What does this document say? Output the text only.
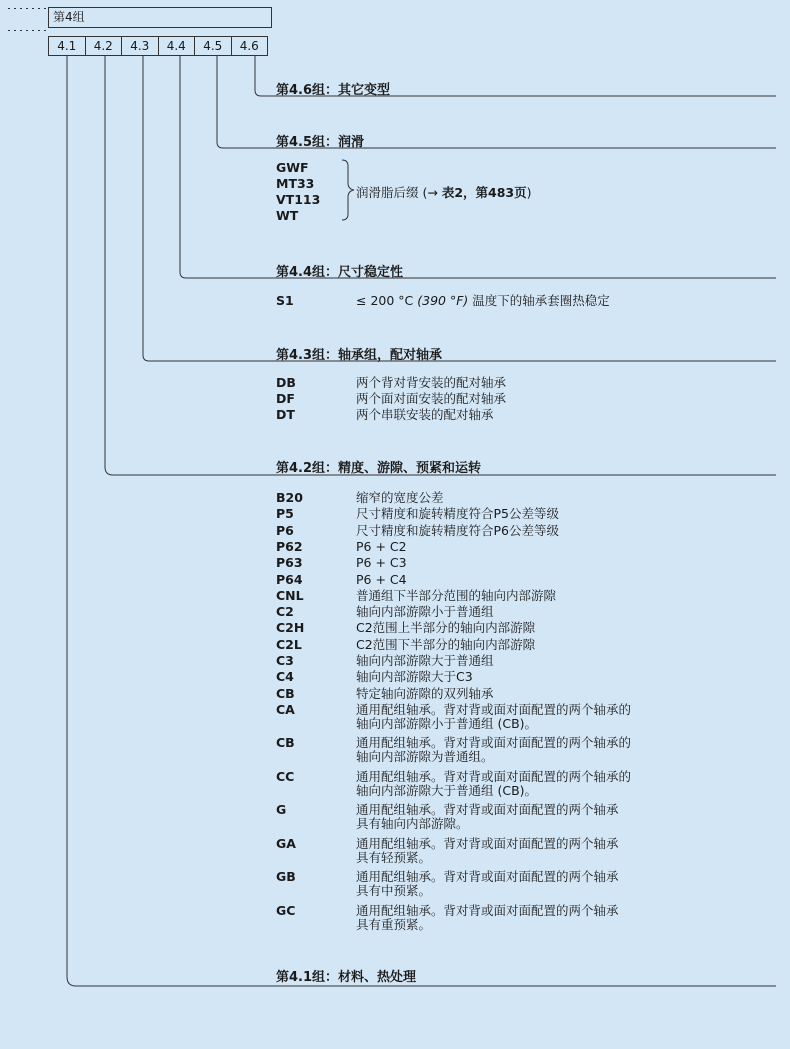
第4组
4.1	4.2	4.3	4.4	4.5	4.6
第4.6组：其它变型
第4.5组：润滑
GWF
MT33
VT113
WT
润滑脂后缀 (→ 表2，第483页)
第4.4组：尺寸稳定性
S1	≤ 200 °C (390 °F) 温度下的轴承套圈热稳定
第4.3组：轴承组，配对轴承
DB	两个背对背安装的配对轴承
DF	两个面对面安装的配对轴承
DT	两个串联安装的配对轴承
第4.2组：精度、游隙、预紧和运转
B20	缩窄的宽度公差
P5	尺寸精度和旋转精度符合P5公差等级
P6	尺寸精度和旋转精度符合P6公差等级
P62	P6 + C2
P63	P6 + C3
P64	P6 + C4
CNL	普通组下半部分范围的轴向内部游隙
C2	轴向内部游隙小于普通组
C2H	C2范围上半部分的轴向内部游隙
C2L	C2范围下半部分的轴向内部游隙
C3	轴向内部游隙大于普通组
C4	轴向内部游隙大于C3
CB	特定轴向游隙的双列轴承
CA	通用配组轴承。背对背或面对面配置的两个轴承的
轴向内部游隙小于普通组 (CB)。
CB	通用配组轴承。背对背或面对面配置的两个轴承的
轴向内部游隙为普通组。
CC	通用配组轴承。背对背或面对面配置的两个轴承的
轴向内部游隙大于普通组 (CB)。
G	通用配组轴承。背对背或面对面配置的两个轴承
具有轴向内部游隙。
GA	通用配组轴承。背对背或面对面配置的两个轴承
具有轻预紧。
GB	通用配组轴承。背对背或面对面配置的两个轴承
具有中预紧。
GC	通用配组轴承。背对背或面对面配置的两个轴承
具有重预紧。
第4.1组：材料、热处理
